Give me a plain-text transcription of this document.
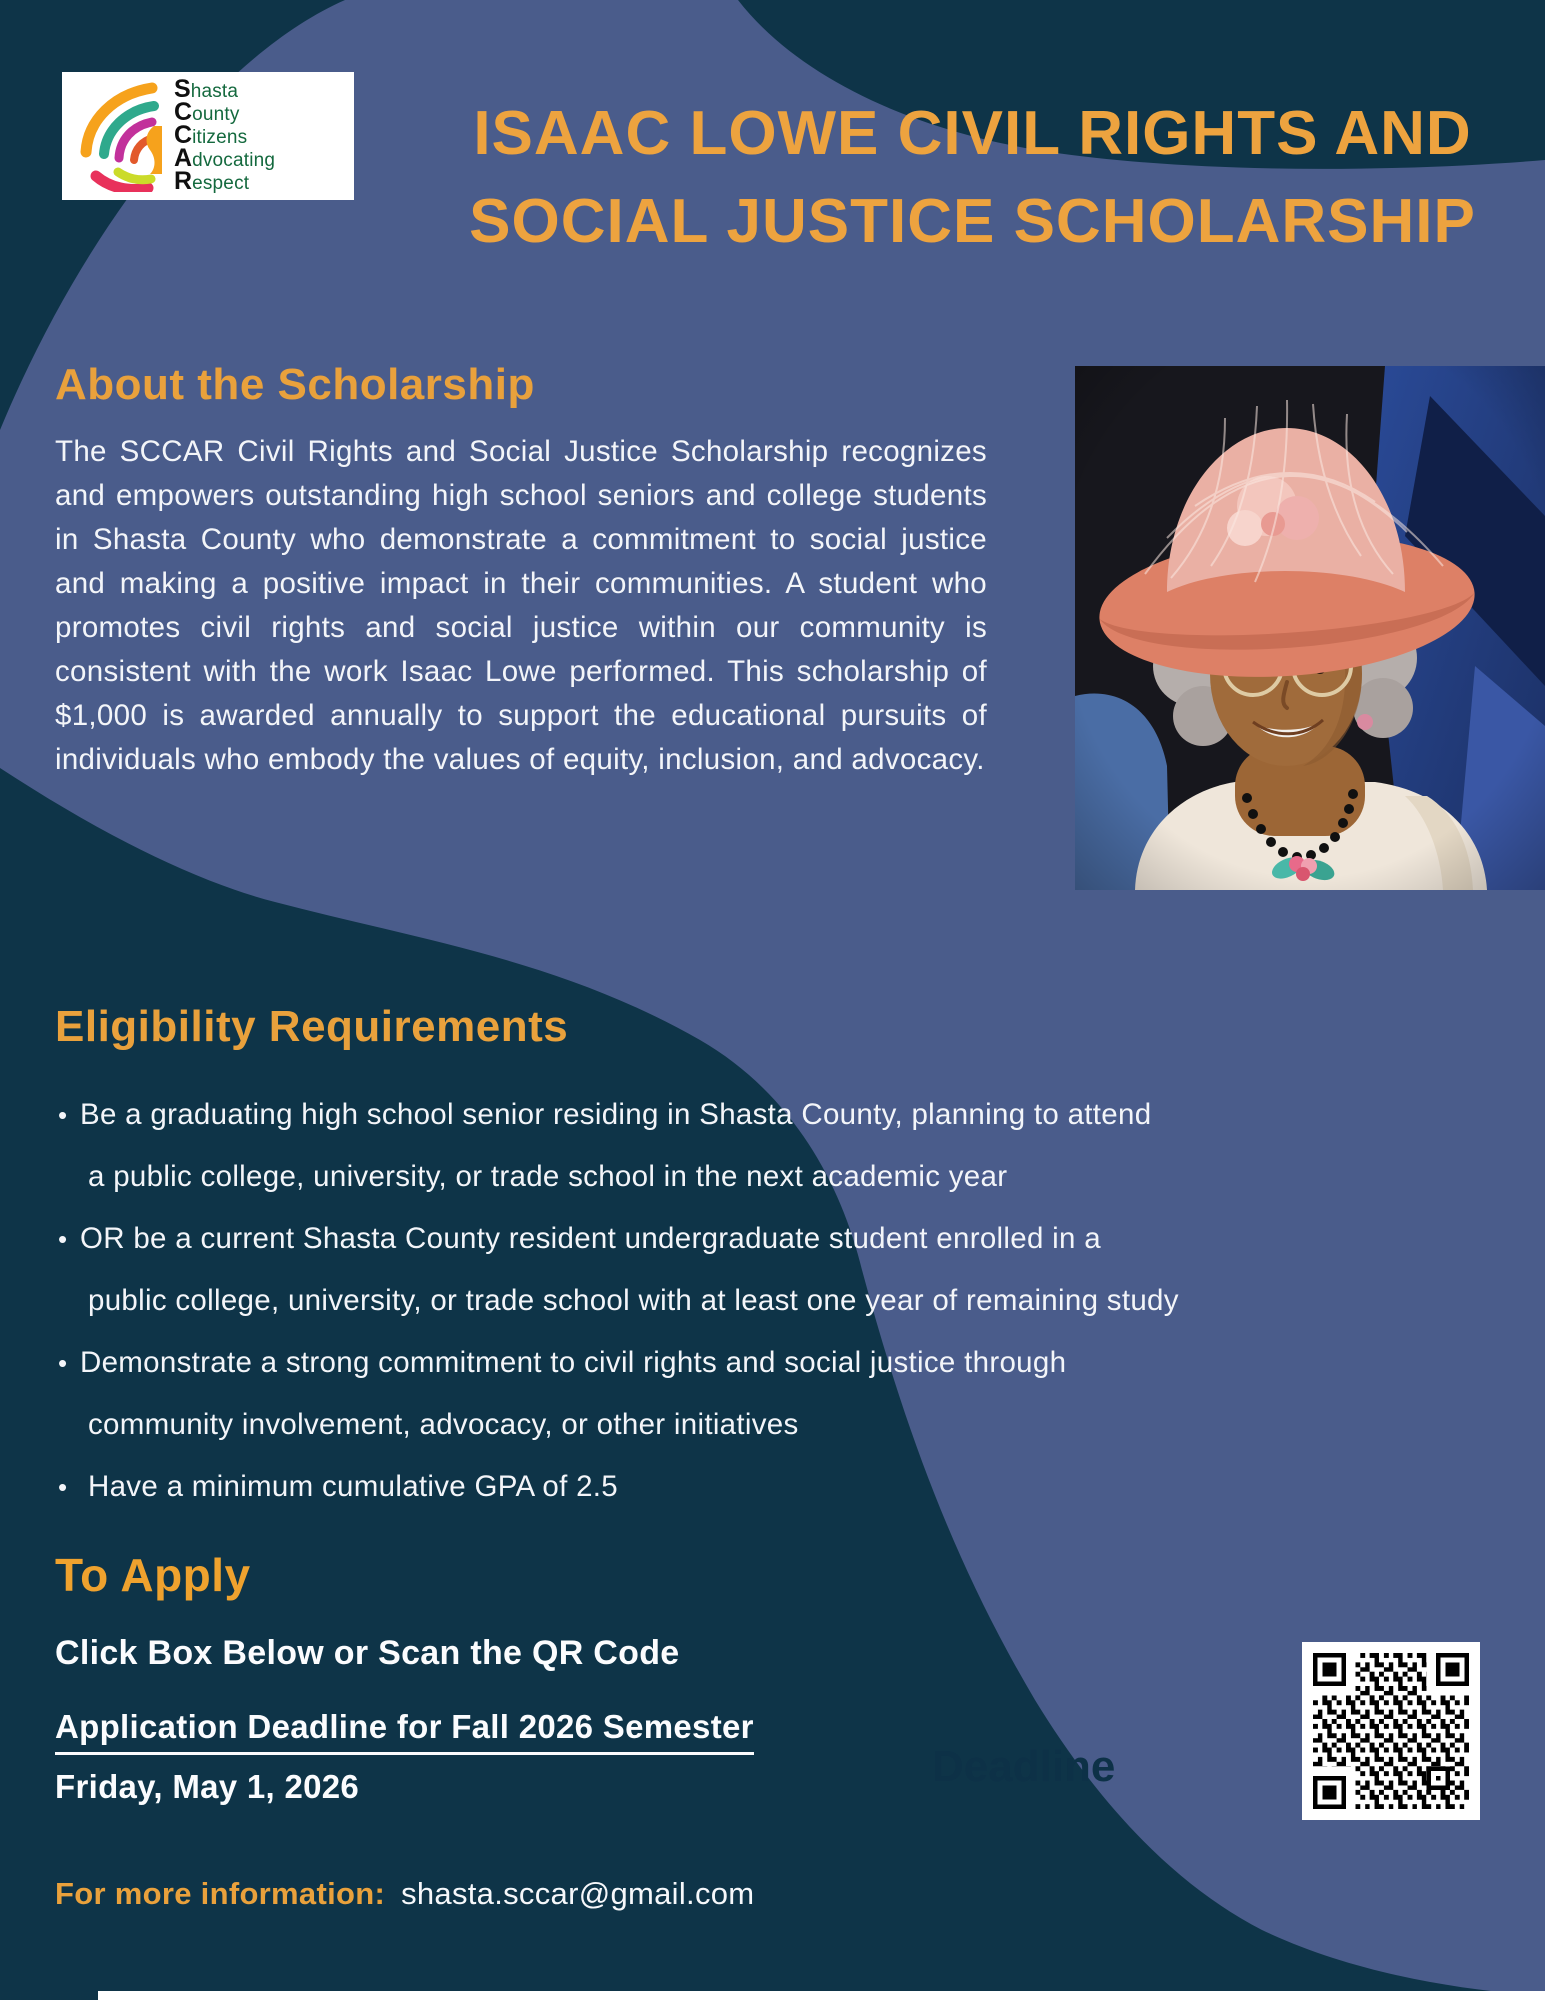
Deadline
Shasta
County
Citizens
Advocating
Respect
ISAAC LOWE CIVIL RIGHTS AND
SOCIAL JUSTICE SCHOLARSHIP
About the Scholarship
The SCCAR Civil Rights and Social Justice Scholarship recognizes and empowers outstanding high school seniors and college students in Shasta County who demonstrate a commitment to social justice and making a positive impact in their communities. A student who promotes civil rights and social justice within our community is consistent with the work Isaac Lowe performed. This scholarship of $1,000 is awarded annually to support the educational pursuits of individuals who embody the values of equity, inclusion, and advocacy.
Eligibility Requirements
• Be a graduating high school senior residing in Shasta County, planning to attend
a public college, university, or trade school in the next academic year
• OR be a current Shasta County resident undergraduate student enrolled in a
public college, university, or trade school with at least one year of remaining study
• Demonstrate a strong commitment to civil rights and social justice through
community involvement, advocacy, or other initiatives
• Have a minimum cumulative GPA of 2.5
To Apply
Click Box Below or Scan the QR Code
Application Deadline for Fall 2026 Semester
Friday, May 1, 2026
For more information: shasta.sccar@gmail.com
